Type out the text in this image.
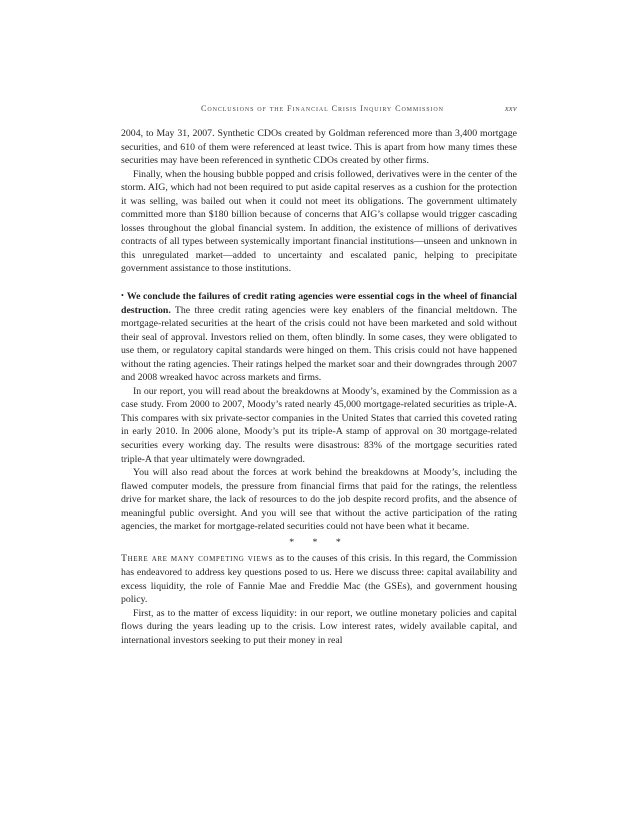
Conclusions of the Financial Crisis Inquiry Commission	xxv

2004, to May 31, 2007. Synthetic CDOs created by Goldman referenced more than 3,400 mortgage securities, and 610 of them were referenced at least twice. This is apart from how many times these securities may have been referenced in synthetic CDOs created by other firms.

Finally, when the housing bubble popped and crisis followed, derivatives were in the center of the storm. AIG, which had not been required to put aside capital reserves as a cushion for the protection it was selling, was bailed out when it could not meet its obligations. The government ultimately committed more than $180 billion because of concerns that AIG’s collapse would trigger cascading losses throughout the global financial system. In addition, the existence of millions of derivatives contracts of all types between systemically important financial institutions—unseen and unknown in this unregulated market—added to uncertainty and escalated panic, helping to precipitate government assistance to those institutions.

• We conclude the failures of credit rating agencies were essential cogs in the wheel of financial destruction. The three credit rating agencies were key enablers of the financial meltdown. The mortgage-related securities at the heart of the crisis could not have been marketed and sold without their seal of approval. Investors relied on them, often blindly. In some cases, they were obligated to use them, or regulatory capital standards were hinged on them. This crisis could not have happened without the rating agencies. Their ratings helped the market soar and their downgrades through 2007 and 2008 wreaked havoc across markets and firms.

In our report, you will read about the breakdowns at Moody’s, examined by the Commission as a case study. From 2000 to 2007, Moody’s rated nearly 45,000 mortgage-related securities as triple-A. This compares with six private-sector companies in the United States that carried this coveted rating in early 2010. In 2006 alone, Moody’s put its triple-A stamp of approval on 30 mortgage-related securities every working day. The results were disastrous: 83% of the mortgage securities rated triple-A that year ultimately were downgraded.

You will also read about the forces at work behind the breakdowns at Moody’s, including the flawed computer models, the pressure from financial firms that paid for the ratings, the relentless drive for market share, the lack of resources to do the job despite record profits, and the absence of meaningful public oversight. And you will see that without the active participation of the rating agencies, the market for mortgage-related securities could not have been what it became.

* * *

There are many competing views as to the causes of this crisis. In this regard, the Commission has endeavored to address key questions posed to us. Here we discuss three: capital availability and excess liquidity, the role of Fannie Mae and Freddie Mac (the GSEs), and government housing policy.

First, as to the matter of excess liquidity: in our report, we outline monetary policies and capital flows during the years leading up to the crisis. Low interest rates, widely available capital, and international investors seeking to put their money in real
